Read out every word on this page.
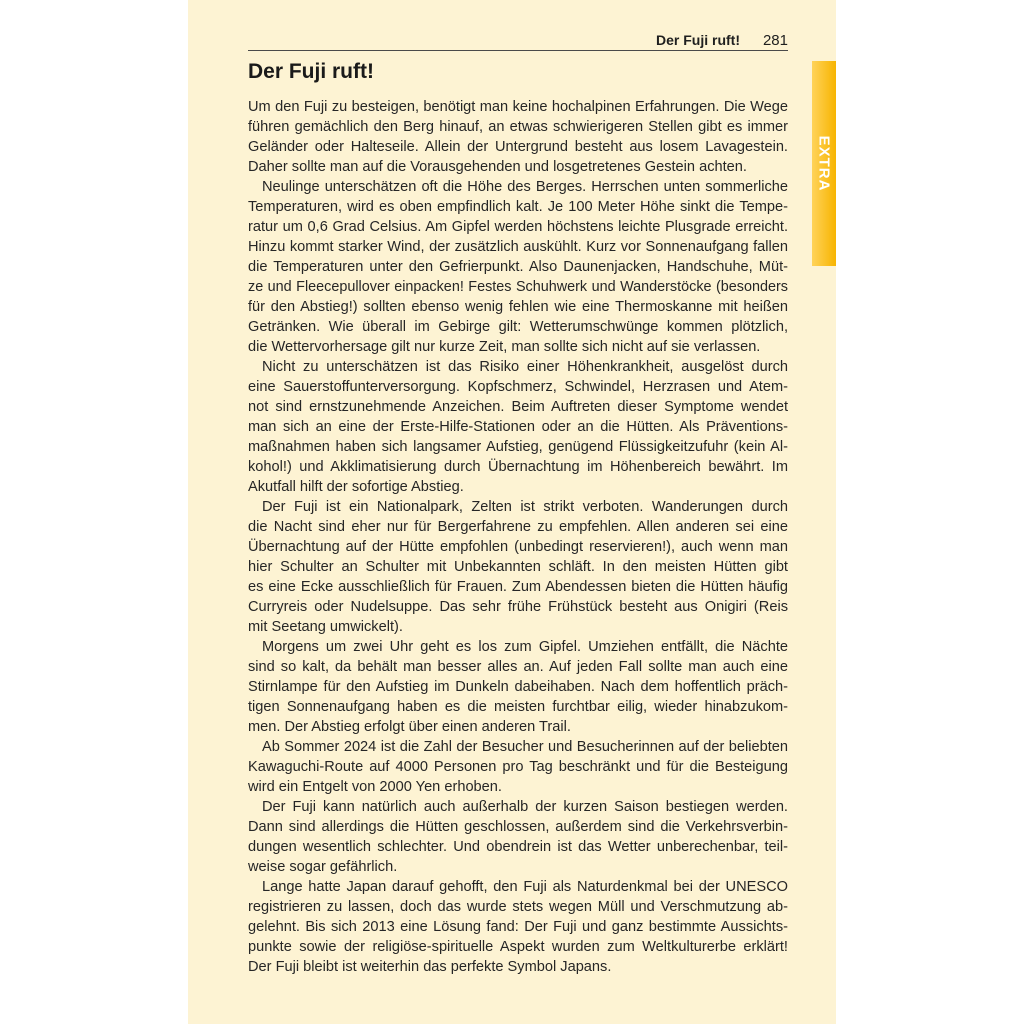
Der Fuji ruft! 281
EXTRA
Der Fuji ruft!
Um den Fuji zu besteigen, benötigt man keine hochalpinen Erfahrungen. Die Wege
führen gemächlich den Berg hinauf, an etwas schwierigeren Stellen gibt es immer
Geländer oder Halteseile. Allein der Untergrund besteht aus losem Lavagestein.
Daher sollte man auf die Vorausgehenden und losgetretenes Gestein achten.
Neulinge unterschätzen oft die Höhe des Berges. Herrschen unten sommerliche
Temperaturen, wird es oben empfindlich kalt. Je 100 Meter Höhe sinkt die Tempe-
ratur um 0,6 Grad Celsius. Am Gipfel werden höchstens leichte Plusgrade erreicht.
Hinzu kommt starker Wind, der zusätzlich auskühlt. Kurz vor Sonnenaufgang fallen
die Temperaturen unter den Gefrierpunkt. Also Daunenjacken, Handschuhe, Müt-
ze und Fleecepullover einpacken! Festes Schuhwerk und Wanderstöcke (besonders
für den Abstieg!) sollten ebenso wenig fehlen wie eine Thermoskanne mit heißen
Getränken. Wie überall im Gebirge gilt: Wetterumschwünge kommen plötzlich,
die Wettervorhersage gilt nur kurze Zeit, man sollte sich nicht auf sie verlassen.
Nicht zu unterschätzen ist das Risiko einer Höhenkrankheit, ausgelöst durch
eine Sauerstoffunterversorgung. Kopfschmerz, Schwindel, Herzrasen und Atem-
not sind ernstzunehmende Anzeichen. Beim Auftreten dieser Symptome wendet
man sich an eine der Erste-Hilfe-Stationen oder an die Hütten. Als Präventions-
maßnahmen haben sich langsamer Aufstieg, genügend Flüssigkeitzufuhr (kein Al-
kohol!) und Akklimatisierung durch Übernachtung im Höhenbereich bewährt. Im
Akutfall hilft der sofortige Abstieg.
Der Fuji ist ein Nationalpark, Zelten ist strikt verboten. Wanderungen durch
die Nacht sind eher nur für Bergerfahrene zu empfehlen. Allen anderen sei eine
Übernachtung auf der Hütte empfohlen (unbedingt reservieren!), auch wenn man
hier Schulter an Schulter mit Unbekannten schläft. In den meisten Hütten gibt
es eine Ecke ausschließlich für Frauen. Zum Abendessen bieten die Hütten häufig
Curryreis oder Nudelsuppe. Das sehr frühe Frühstück besteht aus Onigiri (Reis
mit Seetang umwickelt).
Morgens um zwei Uhr geht es los zum Gipfel. Umziehen entfällt, die Nächte
sind so kalt, da behält man besser alles an. Auf jeden Fall sollte man auch eine
Stirnlampe für den Aufstieg im Dunkeln dabeihaben. Nach dem hoffentlich präch-
tigen Sonnenaufgang haben es die meisten furchtbar eilig, wieder hinabzukom-
men. Der Abstieg erfolgt über einen anderen Trail.
Ab Sommer 2024 ist die Zahl der Besucher und Besucherinnen auf der beliebten
Kawaguchi-Route auf 4000 Personen pro Tag beschränkt und für die Besteigung
wird ein Entgelt von 2000 Yen erhoben.
Der Fuji kann natürlich auch außerhalb der kurzen Saison bestiegen werden.
Dann sind allerdings die Hütten geschlossen, außerdem sind die Verkehrsverbin-
dungen wesentlich schlechter. Und obendrein ist das Wetter unberechenbar, teil-
weise sogar gefährlich.
Lange hatte Japan darauf gehofft, den Fuji als Naturdenkmal bei der UNESCO
registrieren zu lassen, doch das wurde stets wegen Müll und Verschmutzung ab-
gelehnt. Bis sich 2013 eine Lösung fand: Der Fuji und ganz bestimmte Aussichts-
punkte sowie der religiöse-spirituelle Aspekt wurden zum Weltkulturerbe erklärt!
Der Fuji bleibt ist weiterhin das perfekte Symbol Japans.
